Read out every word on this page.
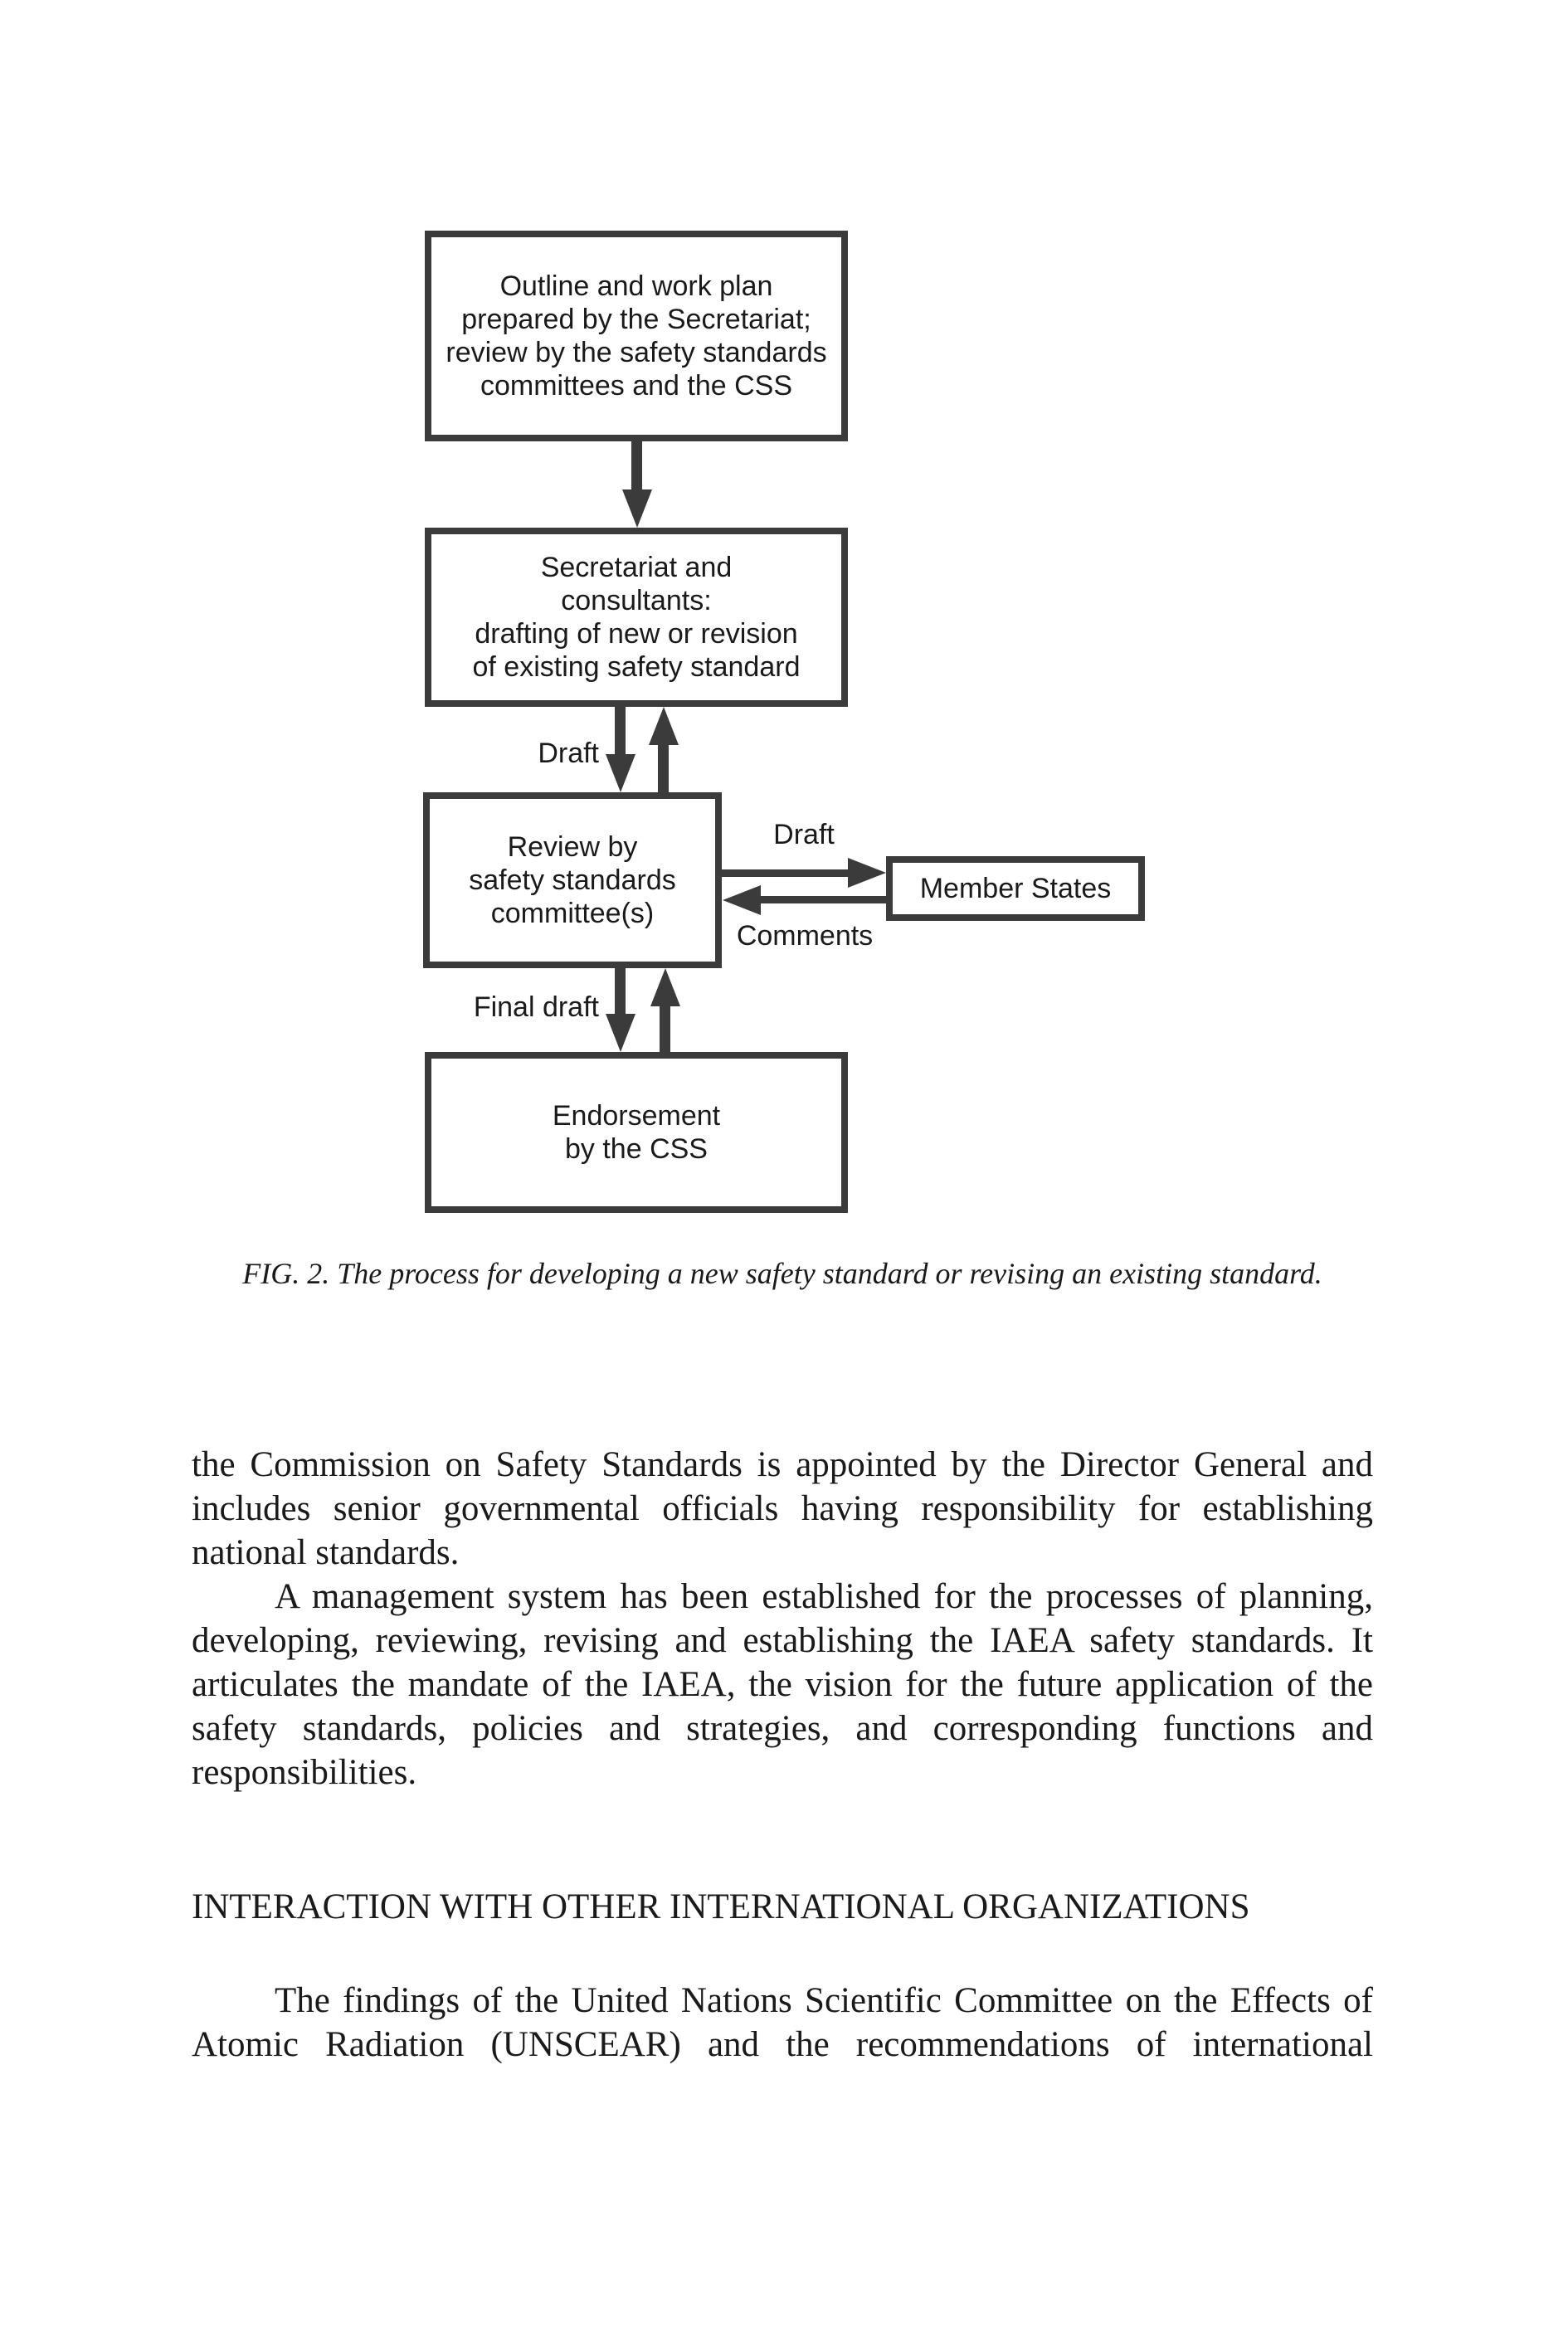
Outline and work plan
prepared by the Secretariat;
review by the safety standards
committees and the CSS
Secretariat and
consultants:
drafting of new or revision
of existing safety standard
Draft
Review by
safety standards
committee(s)
Draft
Comments
Member States
Final draft
Endorsement
by the CSS
FIG. 2. The process for developing a new safety standard or revising an existing standard.

the Commission on Safety Standards is appointed by the Director General and includes senior governmental officials having responsibility for establishing national standards.

A management system has been established for the processes of planning, developing, reviewing, revising and establishing the IAEA safety standards. It articulates the mandate of the IAEA, the vision for the future application of the safety standards, policies and strategies, and corresponding functions and responsibilities.

INTERACTION WITH OTHER INTERNATIONAL ORGANIZATIONS

The findings of the United Nations Scientific Committee on the Effects of Atomic Radiation (UNSCEAR) and the recommendations of international
